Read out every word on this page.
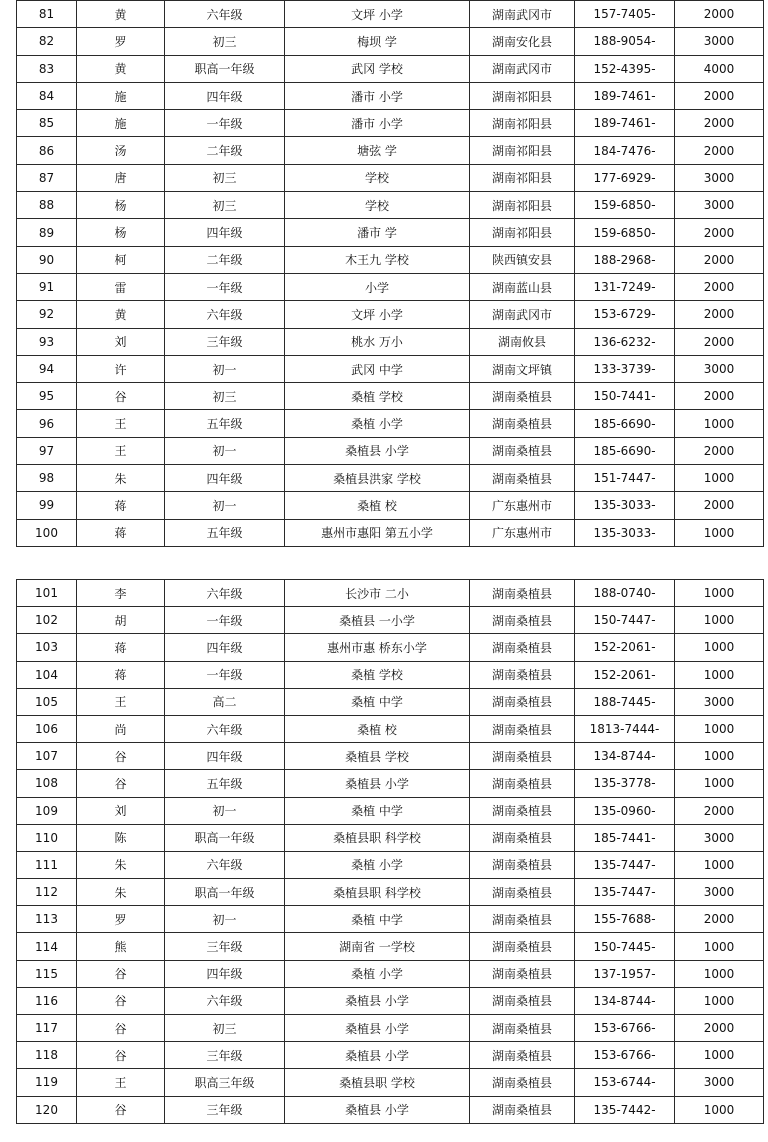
81	黄	六年级	文坪 小学	湖南武冈市	157-7405-	2000
82	罗	初三	梅坝 学	湖南安化县	188-9054-	3000
83	黄	职高一年级	武冈 学校	湖南武冈市	152-4395-	4000
84	施	四年级	潘市 小学	湖南祁阳县	189-7461-	2000
85	施	一年级	潘市 小学	湖南祁阳县	189-7461-	2000
86	汤	二年级	塘弦 学	湖南祁阳县	184-7476-	2000
87	唐	初三	学校	湖南祁阳县	177-6929-	3000
88	杨	初三	学校	湖南祁阳县	159-6850-	3000
89	杨	四年级	潘市 学	湖南祁阳县	159-6850-	2000
90	柯	二年级	木王九 学校	陕西镇安县	188-2968-	2000
91	雷	一年级	小学	湖南蓝山县	131-7249-	2000
92	黄	六年级	文坪 小学	湖南武冈市	153-6729-	2000
93	刘	三年级	桃水 万小	湖南攸县	136-6232-	2000
94	许	初一	武冈 中学	湖南文坪镇	133-3739-	3000
95	谷	初三	桑植 学校	湖南桑植县	150-7441-	2000
96	王	五年级	桑植 小学	湖南桑植县	185-6690-	1000
97	王	初一	桑植县 小学	湖南桑植县	185-6690-	2000
98	朱	四年级	桑植县洪家 学校	湖南桑植县	151-7447-	1000
99	蒋	初一	桑植 校	广东惠州市	135-3033-	2000
100	蒋	五年级	惠州市惠阳 第五小学	广东惠州市	135-3033-	1000
101	李	六年级	长沙市 二小	湖南桑植县	188-0740-	1000
102	胡	一年级	桑植县 一小学	湖南桑植县	150-7447-	1000
103	蒋	四年级	惠州市惠 桥东小学	湖南桑植县	152-2061-	1000
104	蒋	一年级	桑植 学校	湖南桑植县	152-2061-	1000
105	王	高二	桑植 中学	湖南桑植县	188-7445-	3000
106	尚	六年级	桑植 校	湖南桑植县	1813-7444-	1000
107	谷	四年级	桑植县 学校	湖南桑植县	134-8744-	1000
108	谷	五年级	桑植县 小学	湖南桑植县	135-3778-	1000
109	刘	初一	桑植 中学	湖南桑植县	135-0960-	2000
110	陈	职高一年级	桑植县职 科学校	湖南桑植县	185-7441-	3000
111	朱	六年级	桑植 小学	湖南桑植县	135-7447-	1000
112	朱	职高一年级	桑植县职 科学校	湖南桑植县	135-7447-	3000
113	罗	初一	桑植 中学	湖南桑植县	155-7688-	2000
114	熊	三年级	湖南省 一学校	湖南桑植县	150-7445-	1000
115	谷	四年级	桑植 小学	湖南桑植县	137-1957-	1000
116	谷	六年级	桑植县 小学	湖南桑植县	134-8744-	1000
117	谷	初三	桑植县 小学	湖南桑植县	153-6766-	2000
118	谷	三年级	桑植县 小学	湖南桑植县	153-6766-	1000
119	王	职高三年级	桑植县职 学校	湖南桑植县	153-6744-	3000
120	谷	三年级	桑植县 小学	湖南桑植县	135-7442-	1000
